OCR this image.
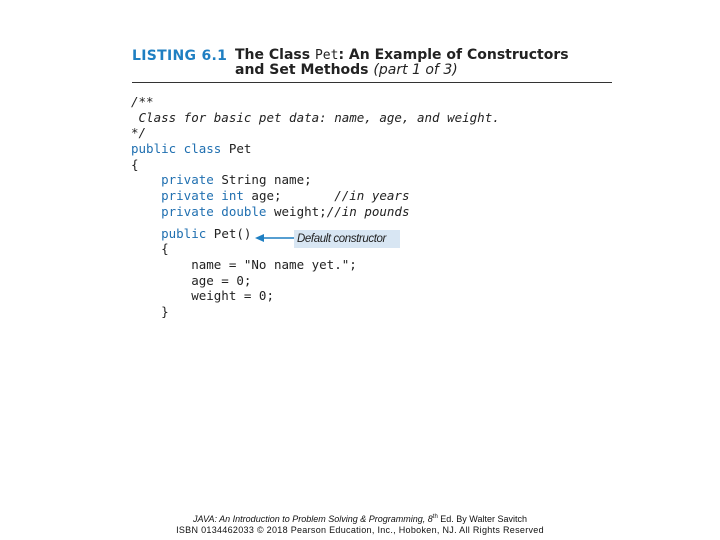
LISTING 6.1 The Class Pet: An Example of Constructors
and Set Methods (part 1 of 3)
/**
Class for basic pet data: name, age, and weight.
*/
public class Pet
{
private String name;
private int age;       //in years
private double weight;//in pounds
public Pet()
{
name = "No name yet.";
age = 0;
weight = 0;
}
Default constructor
JAVA: An Introduction to Problem Solving & Programming, 8th Ed. By Walter Savitch
ISBN 0134462033 © 2018 Pearson Education, Inc., Hoboken, NJ. All Rights Reserved
